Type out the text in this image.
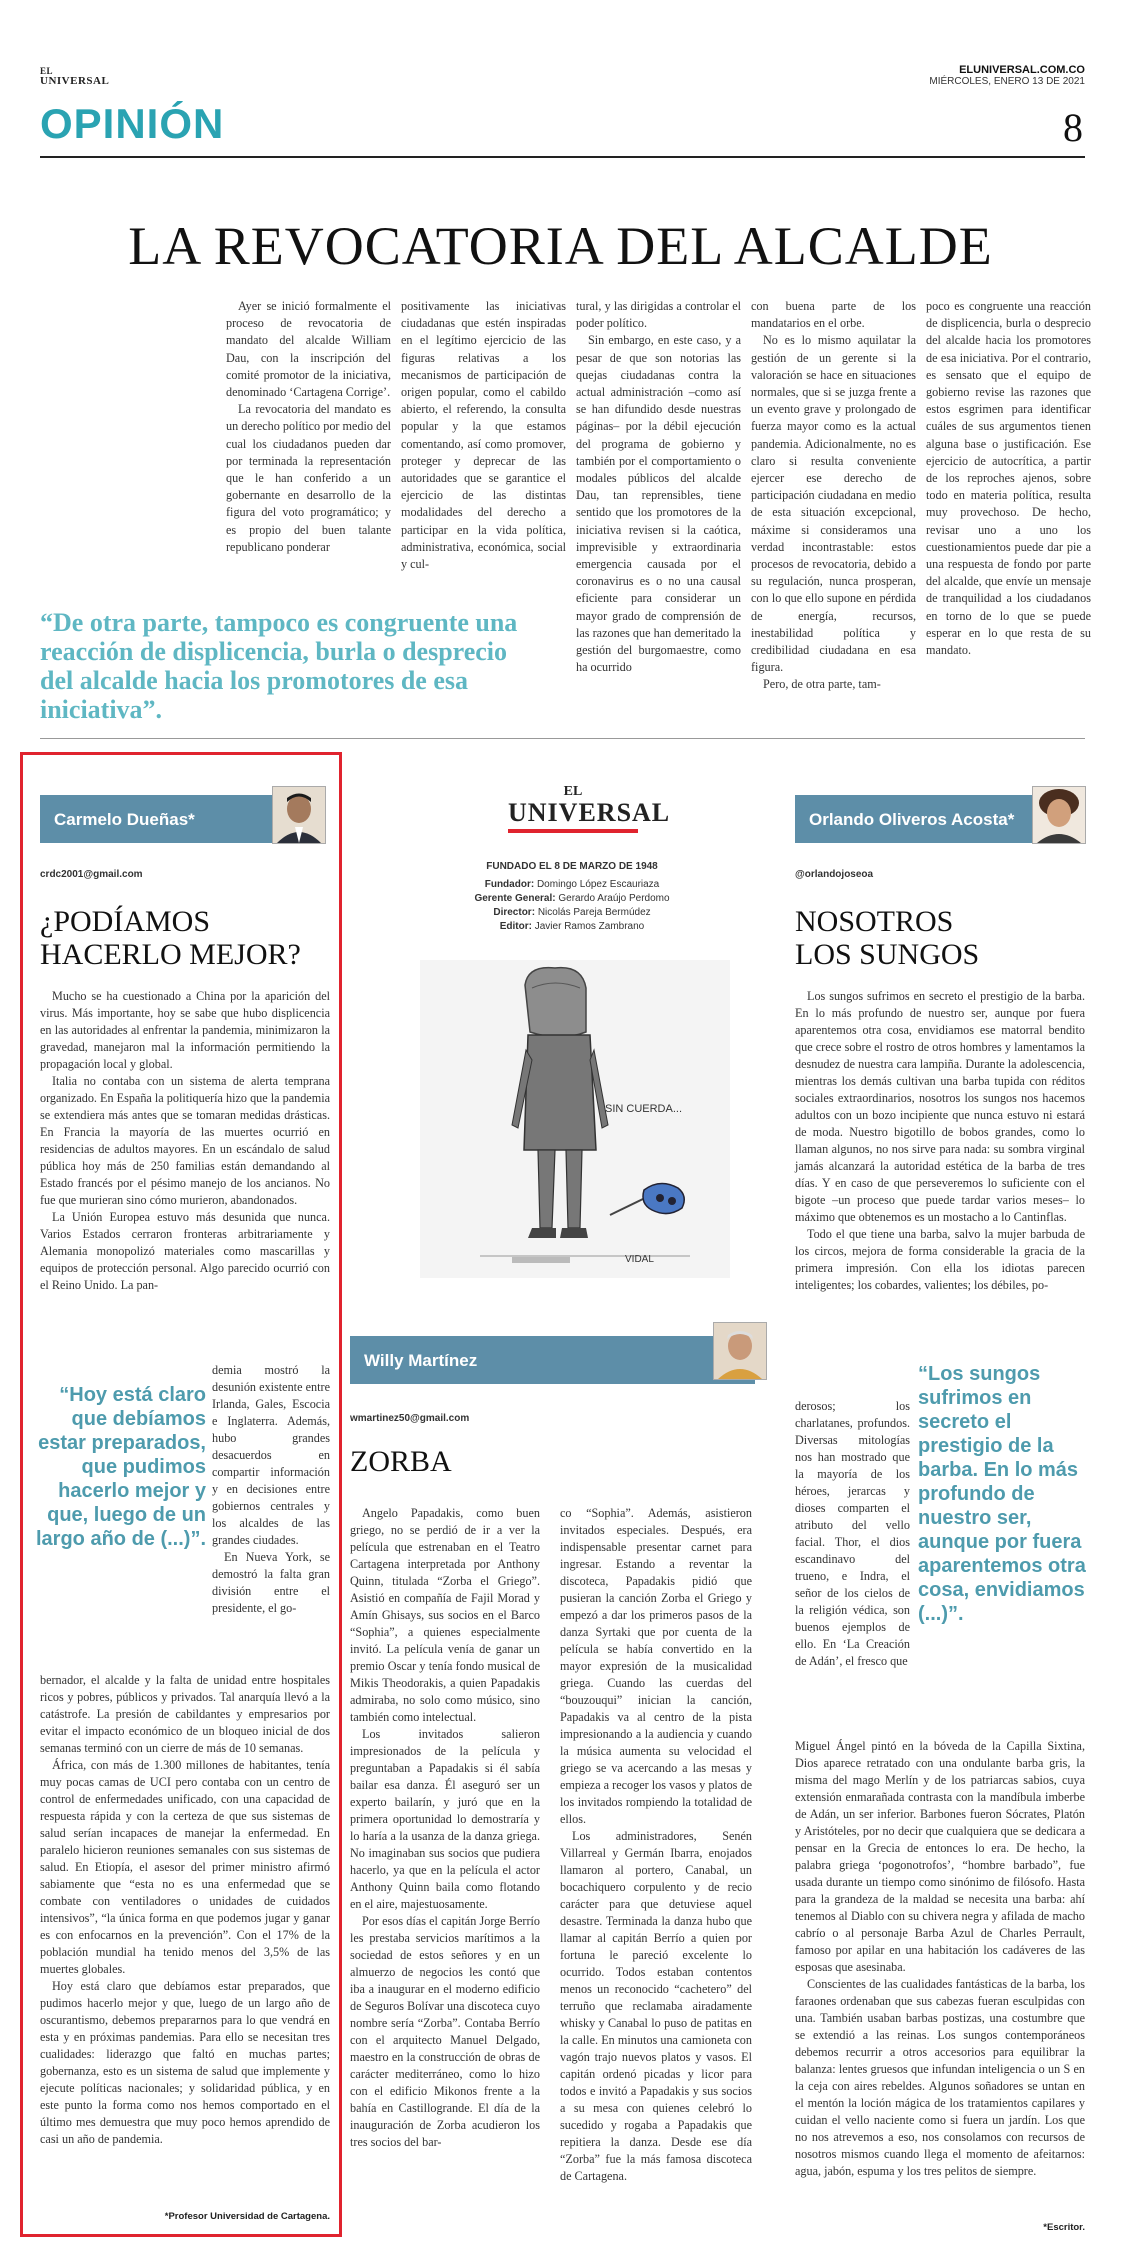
EL
UNIVERSAL
ELUNIVERSAL.COM.CO
MIÉRCOLES, ENERO 13 DE 2021
OPINIÓN	8
LA REVOCATORIA DEL ALCALDE

Ayer se inició formalmente el proceso de revocatoria de mandato del alcalde William Dau, con la inscripción del comité promotor de la iniciativa, denominado ‘Cartagena Corrige’.

La revocatoria del mandato es un derecho político por medio del cual los ciudadanos pueden dar por terminada la representación que le han conferido a un gobernante en desarrollo de la figura del voto programático; y es propio del buen talante republicano ponderar

positivamente las iniciativas ciudadanas que estén inspiradas en el legítimo ejercicio de las figuras relativas a los mecanismos de participación de origen popular, como el cabildo abierto, el referendo, la consulta popular y la que estamos comentando, así como promover, proteger y deprecar de las autoridades que se garantice el ejercicio de las distintas modalidades del derecho a participar en la vida política, administrativa, económica, social y cul-

tural, y las dirigidas a controlar el poder político.

Sin embargo, en este caso, y a pesar de que son notorias las quejas ciudadanas contra la actual administración –como así se han difundido desde nuestras páginas– por la débil ejecución del programa de gobierno y también por el comportamiento o modales públicos del alcalde Dau, tan reprensibles, tiene sentido que los promotores de la iniciativa revisen si la caótica, imprevisible y extraordinaria emergencia causada por el coronavirus es o no una causal eficiente para considerar un mayor grado de comprensión de las razones que han demeritado la gestión del burgomaestre, como ha ocurrido

con buena parte de los mandatarios en el orbe.

No es lo mismo aquilatar la gestión de un gerente si la valoración se hace en situaciones normales, que si se juzga frente a un evento grave y prolongado de fuerza mayor como es la actual pandemia. Adicionalmente, no es claro si resulta conveniente ejercer ese derecho de participación ciudadana en medio de esta situación excepcional, máxime si consideramos una verdad incontrastable: estos procesos de revocatoria, debido a su regulación, nunca prosperan, con lo que ello supone en pérdida de energía, recursos, inestabilidad política y credibilidad ciudadana en esa figura.

Pero, de otra parte, tam-

poco es congruente una reacción de displicencia, burla o desprecio del alcalde hacia los promotores de esa iniciativa. Por el contrario, es sensato que el equipo de gobierno revise las razones que estos esgrimen para identificar cuáles de sus argumentos tienen alguna base o justificación. Ese ejercicio de autocrítica, a partir de los reproches ajenos, sobre todo en materia política, resulta muy provechoso. De hecho, revisar uno a uno los cuestionamientos puede dar pie a una respuesta de fondo por parte del alcalde, que envíe un mensaje de tranquilidad a los ciudadanos en torno de lo que se puede esperar en lo que resta de su mandato.

“De otra parte, tampoco es congruente una reacción de displicencia, burla o desprecio del alcalde hacia los promotores de esa iniciativa”.
Carmelo Dueñas*
crdc2001@gmail.com
¿PODÍAMOS
HACERLO MEJOR?

Mucho se ha cuestionado a China por la aparición del virus. Más importante, hoy se sabe que hubo displicencia en las autoridades al enfrentar la pandemia, minimizaron la gravedad, manejaron mal la información permitiendo la propagación local y global.

Italia no contaba con un sistema de alerta temprana organizado. En España la politiquería hizo que la pandemia se extendiera más antes que se tomaran medidas drásticas. En Francia la mayoría de las muertes ocurrió en residencias de adultos mayores. En un escándalo de salud pública hoy más de 250 familias están demandando al Estado francés por el pésimo manejo de los ancianos. No fue que murieran sino cómo murieron, abandonados.

La Unión Europea estuvo más desunida que nunca. Varios Estados cerraron fronteras arbitrariamente y Alemania monopolizó materiales como mascarillas y equipos de protección personal. Algo parecido ocurrió con el Reino Unido. La pan-

“Hoy está claro que debíamos estar preparados, que pudimos hacerlo mejor y que, luego de un largo año de (...)”.

demia mostró la desunión existente entre Irlanda, Gales, Escocia e Inglaterra. Además, hubo grandes desacuerdos en compartir información y en decisiones entre gobiernos centrales y los alcaldes de las grandes ciudades.

En Nueva York, se demostró la falta gran división entre el presidente, el go-

bernador, el alcalde y la falta de unidad entre hospitales ricos y pobres, públicos y privados. Tal anarquía llevó a la catástrofe. La presión de cabildantes y empresarios por evitar el impacto económico de un bloqueo inicial de dos semanas terminó con un cierre de más de 10 semanas.

África, con más de 1.300 millones de habitantes, tenía muy pocas camas de UCI pero contaba con un centro de control de enfermedades unificado, con una capacidad de respuesta rápida y con la certeza de que sus sistemas de salud serían incapaces de manejar la enfermedad. En paralelo hicieron reuniones semanales con sus sistemas de salud. En Etiopía, el asesor del primer ministro afirmó sabiamente que “esta no es una enfermedad que se combate con ventiladores o unidades de cuidados intensivos”, “la única forma en que podemos jugar y ganar es con enfocarnos en la prevención”. Con el 17% de la población mundial ha tenido menos del 3,5% de las muertes globales.

Hoy está claro que debíamos estar preparados, que pudimos hacerlo mejor y que, luego de un largo año de oscurantismo, debemos prepararnos para lo que vendrá en esta y en próximas pandemias. Para ello se necesitan tres cualidades: liderazgo que faltó en muchas partes; gobernanza, esto es un sistema de salud que implemente y ejecute políticas nacionales; y solidaridad pública, y en este punto la forma como nos hemos comportado en el último mes demuestra que muy poco hemos aprendido de casi un año de pandemia.

*Profesor Universidad de Cartagena.
EL
UNIVERSAL
FUNDADO EL 8 DE MARZO DE 1948
Fundador: Domingo López Escauriaza
Gerente General: Gerardo Araújo Perdomo
Director: Nicolás Pareja Bermúdez
Editor: Javier Ramos Zambrano
SIN CUERDA...
VIDAL
Willy Martínez
wmartinez50@gmail.com
ZORBA

Angelo Papadakis, como buen griego, no se perdió de ir a ver la película que estrenaban en el Teatro Cartagena interpretada por Anthony Quinn, titulada “Zorba el Griego”. Asistió en compañía de Fajil Morad y Amín Ghisays, sus socios en el Barco “Sophia”, a quienes especialmente invitó. La película venía de ganar un premio Oscar y tenía fondo musical de Mikis Theodorakis, a quien Papadakis admiraba, no solo como músico, sino también como intelectual.

Los invitados salieron impresionados de la película y preguntaban a Papadakis si él sabía bailar esa danza. Él aseguró ser un experto bailarín, y juró que en la primera oportunidad lo demostraría y lo haría a la usanza de la danza griega. No imaginaban sus socios que pudiera hacerlo, ya que en la película el actor Anthony Quinn baila como flotando en el aire, majestuosamente.

Por esos días el capitán Jorge Berrío les prestaba servicios marítimos a la sociedad de estos señores y en un almuerzo de negocios les contó que iba a inaugurar en el moderno edificio de Seguros Bolívar una discoteca cuyo nombre sería “Zorba”. Contaba Berrío con el arquitecto Manuel Delgado, maestro en la construcción de obras de carácter mediterráneo, como lo hizo con el edificio Mikonos frente a la bahía en Castillogrande. El día de la inauguración de Zorba acudieron los tres socios del bar-

co “Sophia”. Además, asistieron invitados especiales. Después, era indispensable presentar carnet para ingresar. Estando a reventar la discoteca, Papadakis pidió que pusieran la canción Zorba el Griego y empezó a dar los primeros pasos de la danza Syrtaki que por cuenta de la película se había convertido en la mayor expresión de la musicalidad griega. Cuando las cuerdas del “bouzouqui” inician la canción, Papadakis va al centro de la pista impresionando a la audiencia y cuando la música aumenta su velocidad el griego se va acercando a las mesas y empieza a recoger los vasos y platos de los invitados rompiendo la totalidad de ellos.

Los administradores, Senén Villarreal y Germán Ibarra, enojados llamaron al portero, Canabal, un bocachiquero corpulento y de recio carácter para que detuviese aquel desastre. Terminada la danza hubo que llamar al capitán Berrío a quien por fortuna le pareció excelente lo ocurrido. Todos estaban contentos menos un reconocido “cachetero” del terruño que reclamaba airadamente whisky y Canabal lo puso de patitas en la calle. En minutos una camioneta con vagón trajo nuevos platos y vasos. El capitán ordenó picadas y licor para todos e invitó a Papadakis y sus socios a su mesa con quienes celebró lo sucedido y rogaba a Papadakis que repitiera la danza. Desde ese día “Zorba” fue la más famosa discoteca de Cartagena.

Orlando Oliveros Acosta*
@orlandojoseoa
NOSOTROS
LOS SUNGOS

Los sungos sufrimos en secreto el prestigio de la barba. En lo más profundo de nuestro ser, aunque por fuera aparentemos otra cosa, envidiamos ese matorral bendito que crece sobre el rostro de otros hombres y lamentamos la desnudez de nuestra cara lampiña. Durante la adolescencia, mientras los demás cultivan una barba tupida con réditos sociales extraordinarios, nosotros los sungos nos hacemos adultos con un bozo incipiente que nunca estuvo ni estará de moda. Nuestro bigotillo de bobos grandes, como lo llaman algunos, no nos sirve para nada: su sombra virginal jamás alcanzará la autoridad estética de la barba de tres días. Y en caso de que perseveremos lo suficiente con el bigote –un proceso que puede tardar varios meses– lo máximo que obtenemos es un mostacho a lo Cantinflas.

Todo el que tiene una barba, salvo la mujer barbuda de los circos, mejora de forma considerable la gracia de la primera impresión. Con ella los idiotas parecen inteligentes; los cobardes, valientes; los débiles, po-

derosos; los charlatanes, profundos. Diversas mitologías nos han mostrado que la mayoría de los héroes, jerarcas y dioses comparten el atributo del vello facial. Thor, el dios escandinavo del trueno, e Indra, el señor de los cielos de la religión védica, son buenos ejemplos de ello. En ‘La Creación de Adán’, el fresco que

“Los sungos sufrimos en secreto el prestigio de la barba. En lo más profundo de nuestro ser, aunque por fuera aparentemos otra cosa, envidiamos (...)”.

Miguel Ángel pintó en la bóveda de la Capilla Sixtina, Dios aparece retratado con una ondulante barba gris, la misma del mago Merlín y de los patriarcas sabios, cuya extensión enmarañada contrasta con la mandíbula imberbe de Adán, un ser inferior. Barbones fueron Sócrates, Platón y Aristóteles, por no decir que cualquiera que se dedicara a pensar en la Grecia de entonces lo era. De hecho, la palabra griega ‘pogonotrofos’, “hombre barbado”, fue usada durante un tiempo como sinónimo de filósofo. Hasta para la grandeza de la maldad se necesita una barba: ahí tenemos al Diablo con su chivera negra y afilada de macho cabrío o al personaje Barba Azul de Charles Perrault, famoso por apilar en una habitación los cadáveres de las esposas que asesinaba.

Conscientes de las cualidades fantásticas de la barba, los faraones ordenaban que sus cabezas fueran esculpidas con una. También usaban barbas postizas, una costumbre que se extendió a las reinas. Los sungos contemporáneos debemos recurrir a otros accesorios para equilibrar la balanza: lentes gruesos que infundan inteligencia o un S en la ceja con aires rebeldes. Algunos soñadores se untan en el mentón la loción mágica de los tratamientos capilares y cuidan el vello naciente como si fuera un jardín. Los que no nos atrevemos a eso, nos consolamos con recursos de nosotros mismos cuando llega el momento de afeitarnos: agua, jabón, espuma y los tres pelitos de siempre.

*Escritor.
